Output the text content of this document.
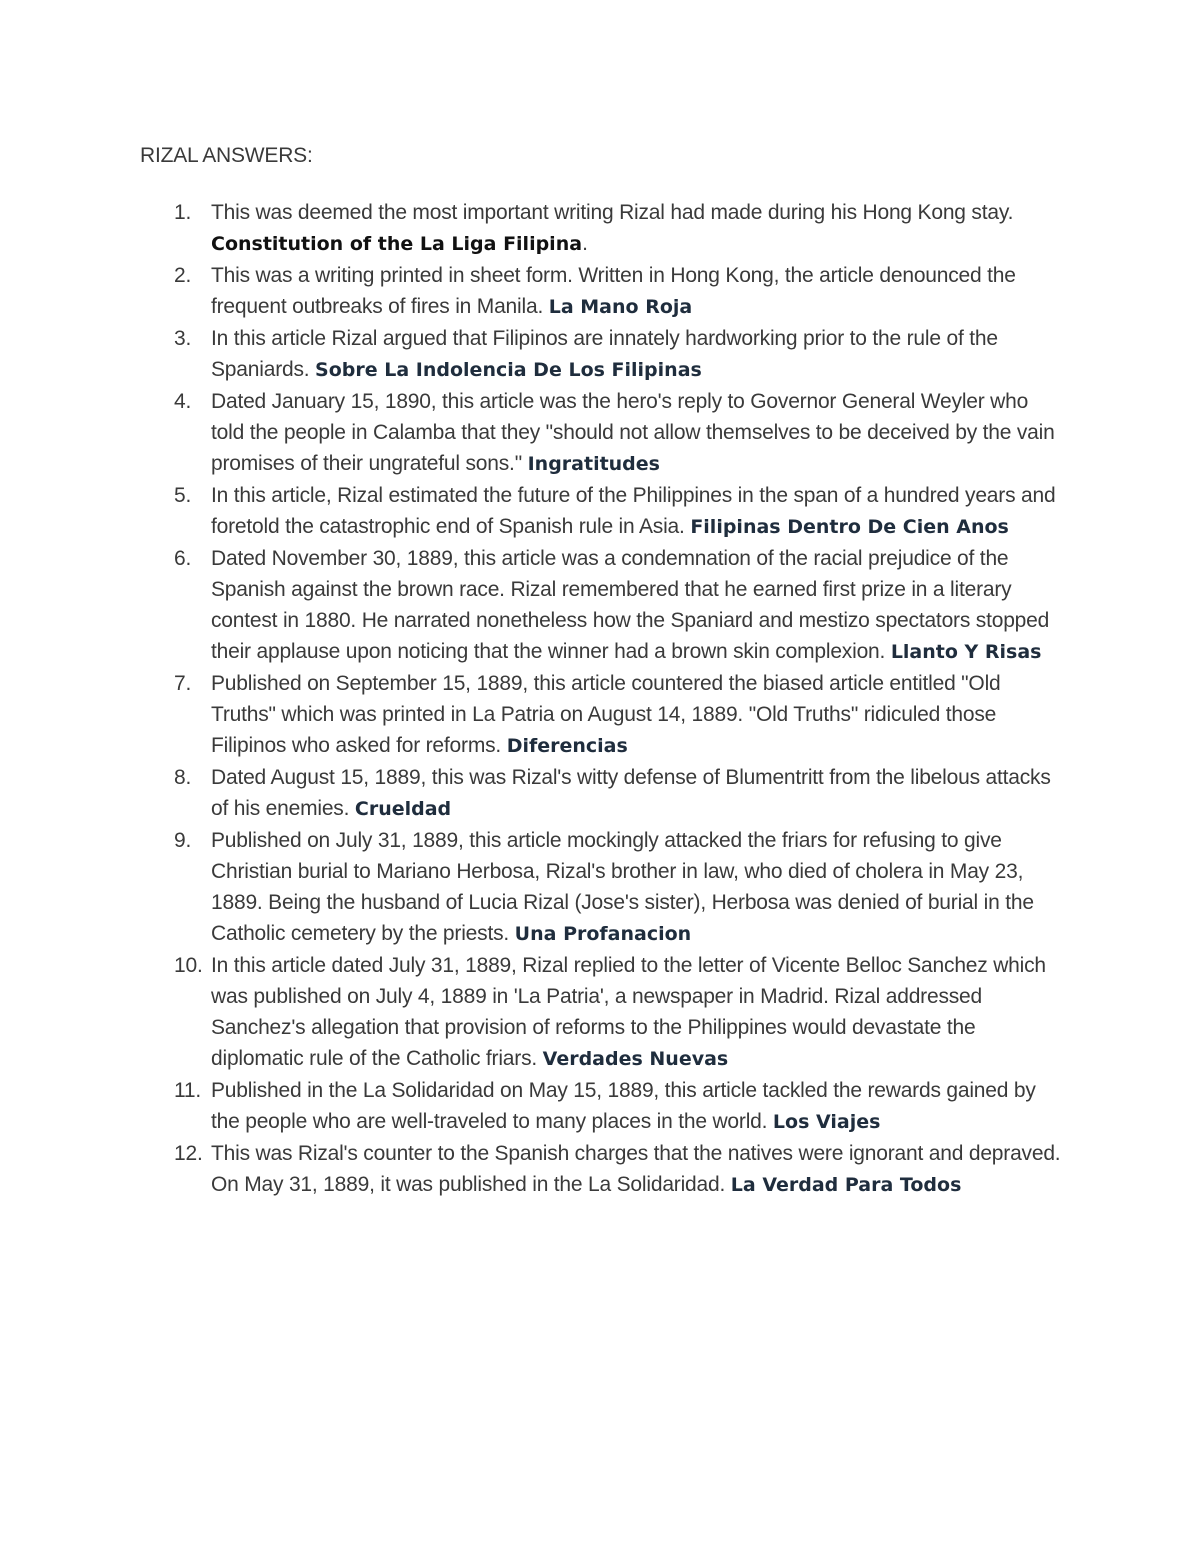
RIZAL ANSWERS:
1. This was deemed the most important writing Rizal had made during his Hong Kong stay. Constitution of the La Liga Filipina.
2. This was a writing printed in sheet form. Written in Hong Kong, the article denounced the frequent outbreaks of fires in Manila. La Mano Roja
3. In this article Rizal argued that Filipinos are innately hardworking prior to the rule of the Spaniards. Sobre La Indolencia De Los Filipinas
4. Dated January 15, 1890, this article was the hero's reply to Governor General Weyler who told the people in Calamba that they "should not allow themselves to be deceived by the vain promises of their ungrateful sons." Ingratitudes
5. In this article, Rizal estimated the future of the Philippines in the span of a hundred years and foretold the catastrophic end of Spanish rule in Asia. Filipinas Dentro De Cien Anos
6. Dated November 30, 1889, this article was a condemnation of the racial prejudice of the Spanish against the brown race. Rizal remembered that he earned first prize in a literary contest in 1880. He narrated nonetheless how the Spaniard and mestizo spectators stopped their applause upon noticing that the winner had a brown skin complexion. Llanto Y Risas
7. Published on September 15, 1889, this article countered the biased article entitled "Old Truths" which was printed in La Patria on August 14, 1889. "Old Truths" ridiculed those Filipinos who asked for reforms. Diferencias
8. Dated August 15, 1889, this was Rizal's witty defense of Blumentritt from the libelous attacks of his enemies. Crueldad
9. Published on July 31, 1889, this article mockingly attacked the friars for refusing to give Christian burial to Mariano Herbosa, Rizal's brother in law, who died of cholera in May 23, 1889. Being the husband of Lucia Rizal (Jose's sister), Herbosa was denied of burial in the Catholic cemetery by the priests. Una Profanacion
10. In this article dated July 31, 1889, Rizal replied to the letter of Vicente Belloc Sanchez which was published on July 4, 1889 in 'La Patria', a newspaper in Madrid. Rizal addressed Sanchez's allegation that provision of reforms to the Philippines would devastate the diplomatic rule of the Catholic friars. Verdades Nuevas
11. Published in the La Solidaridad on May 15, 1889, this article tackled the rewards gained by the people who are well-traveled to many places in the world. Los Viajes
12. This was Rizal's counter to the Spanish charges that the natives were ignorant and depraved. On May 31, 1889, it was published in the La Solidaridad. La Verdad Para Todos
